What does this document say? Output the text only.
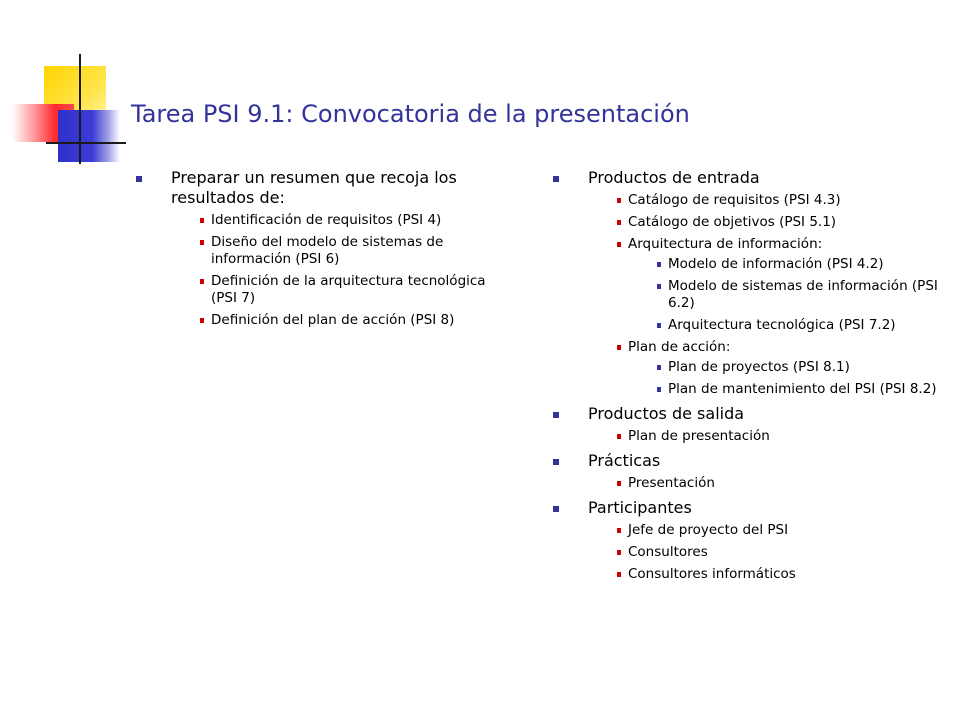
Tarea PSI 9.1: Convocatoria de la presentación
Preparar un resumen que recoja los resultados de:
Identificación de requisitos (PSI 4)
Diseño del modelo de sistemas de información (PSI 6)
Definición de la arquitectura tecnológica (PSI 7)
Definición del plan de acción (PSI 8)
Productos de entrada
Catálogo de requisitos (PSI 4.3)
Catálogo de objetivos (PSI 5.1)
Arquitectura de información:
Modelo de información (PSI 4.2)
Modelo de sistemas de información (PSI 6.2)
Arquitectura tecnológica (PSI 7.2)
Plan de acción:
Plan de proyectos (PSI 8.1)
Plan de mantenimiento del PSI (PSI 8.2)
Productos de salida
Plan de presentación
Prácticas
Presentación
Participantes
Jefe de proyecto del PSI
Consultores
Consultores informáticos
